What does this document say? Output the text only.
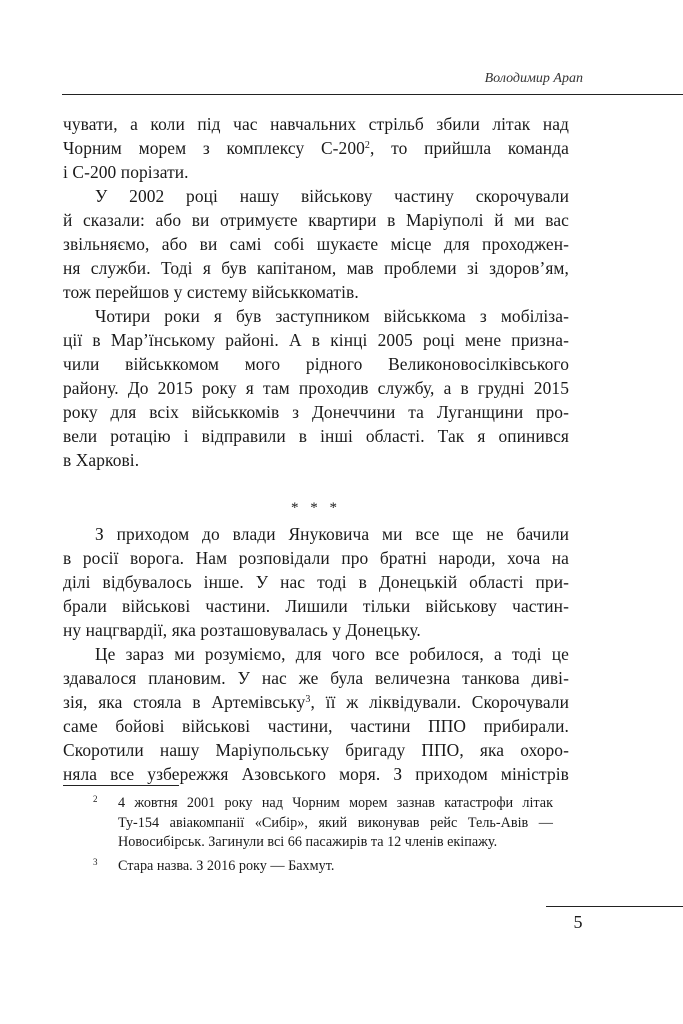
Володимир Арап
чувати, а коли під час навчальних стрільб збили літак над
Чорним морем з комплексу $С-200^2$, то прийшла команда
і С-200 порізати.
У 2002 році нашу військову частину скорочували
й сказали: або ви отримуєте квартири в Маріуполі й ми вас
звільняємо, або ви самі собі шукаєте місце для проходжен-
ня служби. Тоді я був капітаном, мав проблеми зі здоров’ям,
тож перейшов у систему військкоматів.
Чотири роки я був заступником військкома з мобіліза-
ції в Мар’їнському районі. А в кінці 2005 році мене призна-
чили військкомом мого рідного Великоновосілківського
району. До 2015 року я там проходив службу, а в грудні 2015
року для всіх військкомів з Донеччини та Луганщини про-
вели ротацію і відправили в інші області. Так я опинився
в Харкові.
* * *
З приходом до влади Януковича ми все ще не бачили
в росії ворога. Нам розповідали про братні народи, хоча на
ділі відбувалось інше. У нас тоді в Донецькій області при-
брали військові частини. Лишили тільки військову частин-
ну нацгвардії, яка розташовувалась у Донецьку.
Це зараз ми розуміємо, для чого все робилося, а тоді це
здавалося плановим. У нас же була величезна танкова диві-
зія, яка стояла в Артемівську$^3$, її ж ліквідували. Скорочували
саме бойові військові частини, частини ППО прибирали.
Скоротили нашу Маріупольську бригаду ППО, яка охоро-
няла все узбережжя Азовського моря. З приходом міністрів
2 4 жовтня 2001 року над Чорним морем зазнав катастрофи літак
Ту-154 авіакомпанії «Сибір», який виконував рейс Тель-Авів —
Новосибірськ. Загинули всі 66 пасажирів та 12 членів екіпажу.
3 Стара назва. З 2016 року — Бахмут.
5
